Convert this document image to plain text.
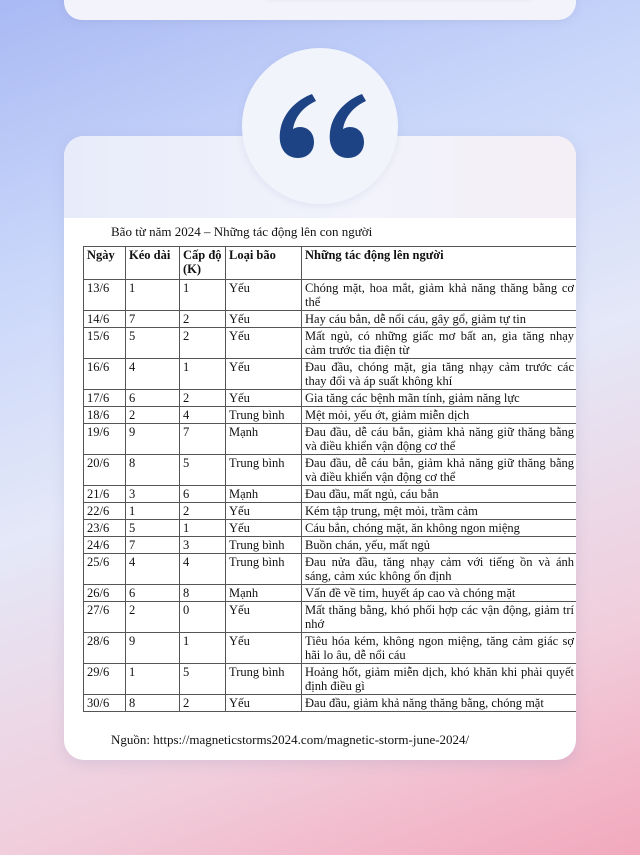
Bão từ năm 2024 – Những tác động lên con người
Ngày	Kéo dài	Cấp độ (K)	Loại bão	Những tác động lên người
13/6	1	1	Yếu	Chóng mặt, hoa mắt, giảm khả năng thăng bằng cơ thể
14/6	7	2	Yếu	Hay cáu bẳn, dễ nổi cáu, gây gổ, giảm tự tin
15/6	5	2	Yếu	Mất ngủ, có những giấc mơ bất an, gia tăng nhạy cảm trước tia điện từ
16/6	4	1	Yếu	Đau đầu, chóng mặt, gia tăng nhạy cảm trước các thay đổi và áp suất không khí
17/6	6	2	Yếu	Gia tăng các bệnh mãn tính, giảm năng lực
18/6	2	4	Trung bình	Mệt mỏi, yếu ớt, giảm miễn dịch
19/6	9	7	Mạnh	Đau đầu, dễ cáu bẳn, giảm khả năng giữ thăng bằng và điều khiển vận động cơ thể
20/6	8	5	Trung bình	Đau đầu, dễ cáu bẳn, giảm khả năng giữ thăng bằng và điều khiển vận động cơ thể
21/6	3	6	Mạnh	Đau đầu, mất ngủ, cáu bẳn
22/6	1	2	Yếu	Kém tập trung, mệt mỏi, trầm cảm
23/6	5	1	Yếu	Cáu bẳn, chóng mặt, ăn không ngon miệng
24/6	7	3	Trung bình	Buồn chán, yếu, mất ngủ
25/6	4	4	Trung bình	Đau nửa đầu, tăng nhạy cảm với tiếng ồn và ánh sáng, cảm xúc không ổn định
26/6	6	8	Mạnh	Vấn đề về tim, huyết áp cao và chóng mặt
27/6	2	0	Yếu	Mất thăng bằng, khó phối hợp các vận động, giảm trí nhớ
28/6	9	1	Yếu	Tiêu hóa kém, không ngon miệng, tăng cảm giác sợ hãi lo âu, dễ nổi cáu
29/6	1	5	Trung bình	Hoảng hốt, giảm miễn dịch, khó khăn khi phải quyết định điều gì
30/6	8	2	Yếu	Đau đầu, giảm khả năng thăng bằng, chóng mặt
Nguồn: https://magneticstorms2024.com/magnetic-storm-june-2024/
